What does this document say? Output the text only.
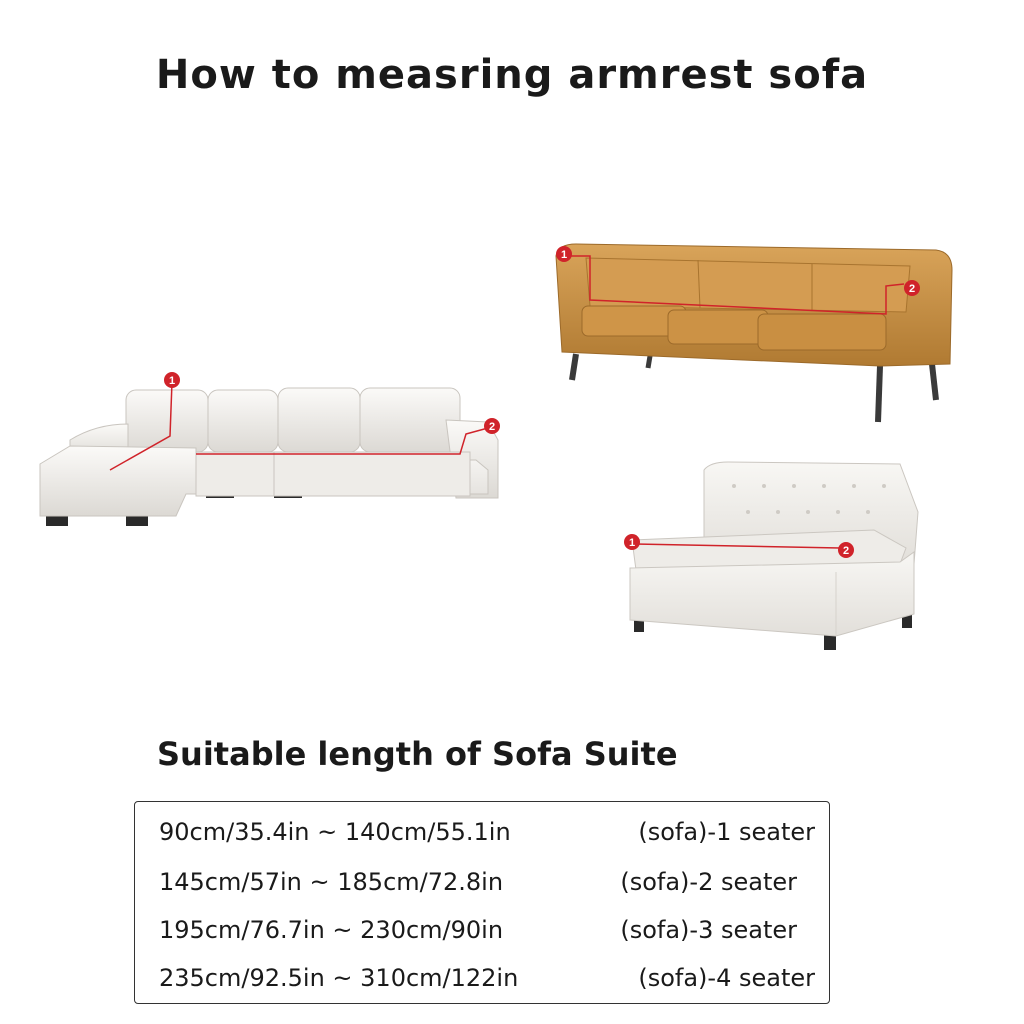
How to measring armrest sofa
1
2
1
2
1
2
Suitable length of Sofa Suite
90cm/35.4in ~ 140cm/55.1in	(sofa)-1 seater
145cm/57in ~ 185cm/72.8in	(sofa)-2 seater
195cm/76.7in ~ 230cm/90in	(sofa)-3 seater
235cm/92.5in ~ 310cm/122in	(sofa)-4 seater
